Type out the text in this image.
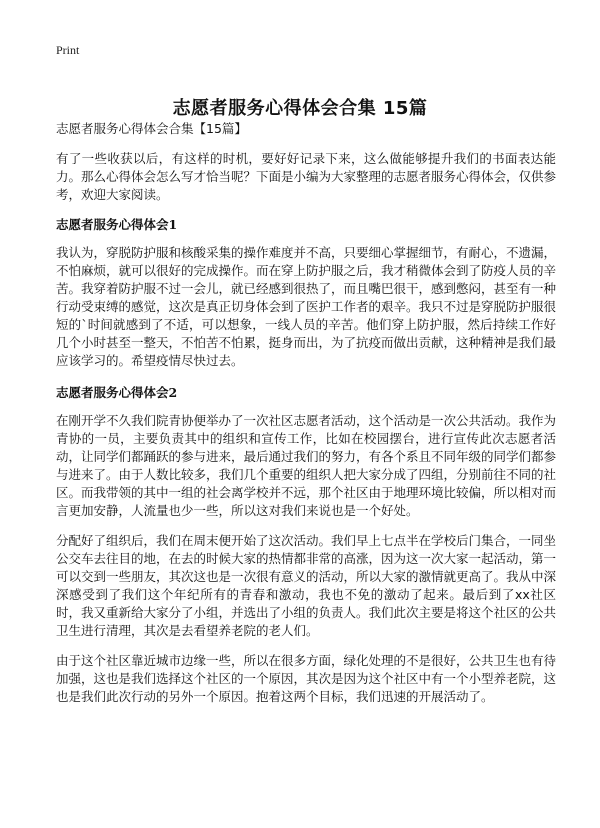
Print
志愿者服务心得体会合集 15篇
志愿者服务心得体会合集【15篇】

有了一些收获以后，有这样的时机，要好好记录下来，这么做能够提升我们的书面表达能力。那么心得体会怎么写才恰当呢？下面是小编为大家整理的志愿者服务心得体会，仅供参考，欢迎大家阅读。

志愿者服务心得体会1

我认为，穿脱防护服和核酸采集的操作难度并不高，只要细心掌握细节，有耐心，不遗漏，不怕麻烦，就可以很好的完成操作。而在穿上防护服之后，我才稍微体会到了防疫人员的辛苦。我穿着防护服不过一会儿，就已经感到很热了，而且嘴巴很干，感到憋闷，甚至有一种行动受束缚的感觉，这次是真正切身体会到了医护工作者的艰辛。我只不过是穿脱防护服很短的`时间就感到了不适，可以想象，一线人员的辛苦。他们穿上防护服，然后持续工作好几个小时甚至一整天，不怕苦不怕累，挺身而出，为了抗疫而做出贡献，这种精神是我们最应该学习的。希望疫情尽快过去。

志愿者服务心得体会2

在刚开学不久我们院青协便举办了一次社区志愿者活动，这个活动是一次公共活动。我作为青协的一员，主要负责其中的组织和宣传工作，比如在校园摆台，进行宣传此次志愿者活动，让同学们都踊跃的参与进来，最后通过我们的努力，有各个系且不同年级的同学们都参与进来了。由于人数比较多，我们几个重要的组织人把大家分成了四组，分别前往不同的社区。而我带领的其中一组的社会离学校并不远，那个社区由于地理环境比较偏，所以相对而言更加安静，人流量也少一些，所以这对我们来说也是一个好处。

分配好了组织后，我们在周末便开始了这次活动。我们早上七点半在学校后门集合，一同坐公交车去往目的地，在去的时候大家的热情都非常的高涨，因为这一次大家一起活动，第一可以交到一些朋友，其次这也是一次很有意义的活动，所以大家的激情就更高了。我从中深深感受到了我们这个年纪所有的青春和激动，我也不免的激动了起来。最后到了xx社区时，我又重新给大家分了小组，并选出了小组的负责人。我们此次主要是将这个社区的公共卫生进行清理，其次是去看望养老院的老人们。

由于这个社区靠近城市边缘一些，所以在很多方面，绿化处理的不是很好，公共卫生也有待加强，这也是我们选择这个社区的一个原因，其次是因为这个社区中有一个小型养老院，这也是我们此次行动的另外一个原因。抱着这两个目标，我们迅速的开展活动了。
